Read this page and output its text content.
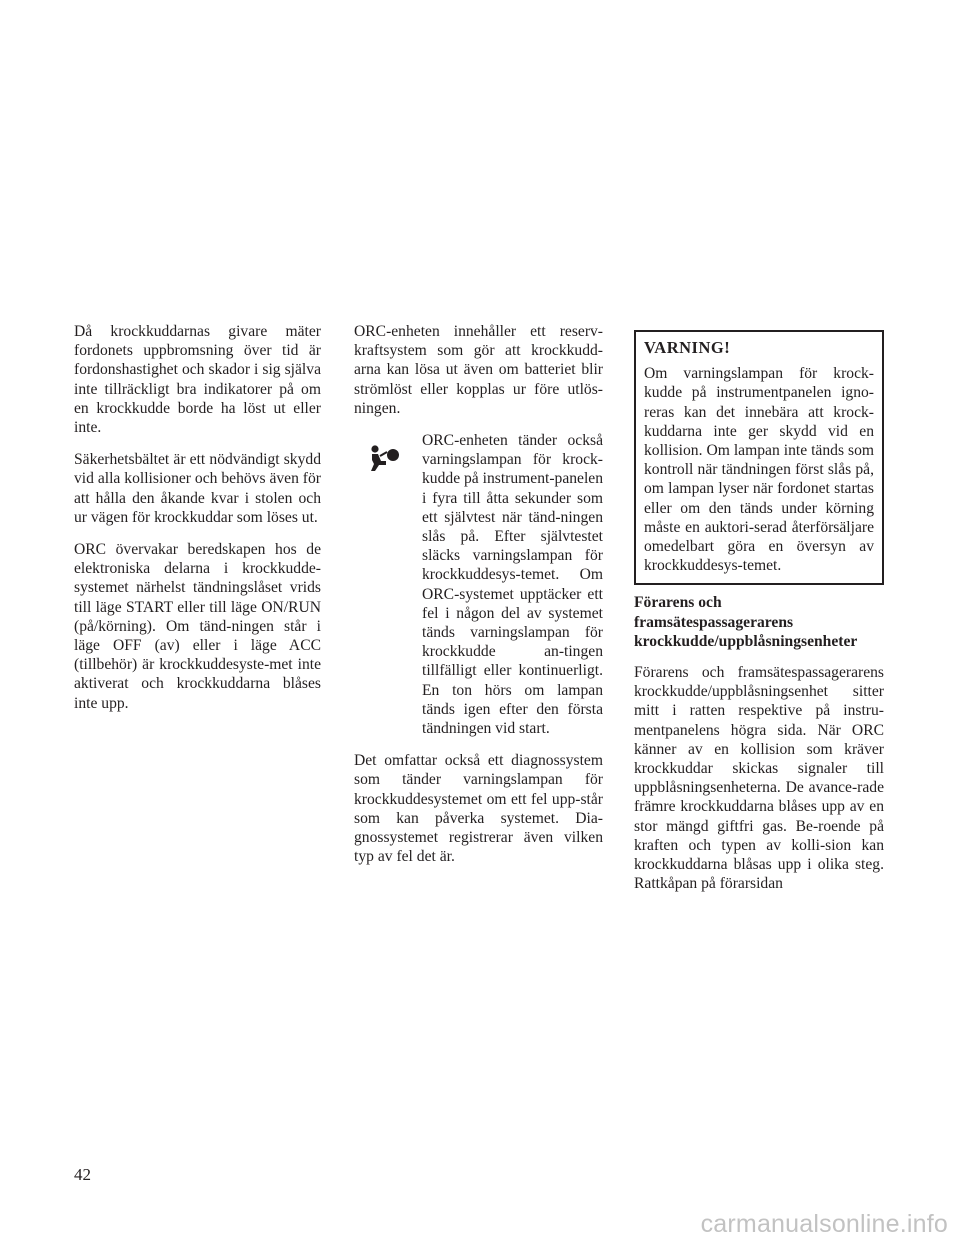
Då krockkuddarnas givare mäter fordonets uppbromsning över tid är fordonshastighet och skador i sig själva inte tillräckligt bra indikatorer på om en krockkudde borde ha löst ut eller inte.

Säkerhetsbältet är ett nödvändigt skydd vid alla kollisioner och behövs även för att hålla den åkande kvar i stolen och ur vägen för krockkuddar som löses ut.

ORC övervakar beredskapen hos de elektroniska delarna i krockkudde-systemet närhelst tändningslåset vrids till läge START eller till läge ON/RUN (på/körning). Om tänd-ningen står i läge OFF (av) eller i läge ACC (tillbehör) är krockkuddesyste-met inte aktiverat och krockkuddarna blåses inte upp.

ORC-enheten innehåller ett reserv-kraftsystem som gör att krockkudd-arna kan lösa ut även om batteriet blir strömlöst eller kopplas ur före utlös-ningen.

ORC-enheten tänder också varningslampan för krock-kudde på instrument-panelen i fyra till åtta sekunder som ett självtest när tänd-ningen slås på. Efter självtestet släcks varningslampan för krockkuddesys-temet. Om ORC-systemet upptäcker ett fel i någon del av systemet tänds varningslampan för krockkudde an-tingen tillfälligt eller kontinuerligt. En ton hörs om lampan tänds igen efter den första tändningen vid start.

Det omfattar också ett diagnossystem som tänder varningslampan för krockkuddesystemet om ett fel upp-står som kan påverka systemet. Dia-gnossystemet registrerar även vilken typ av fel det är.

VARNING!

Om varningslampan för krock-kudde på instrumentpanelen igno-reras kan det innebära att krock-kuddarna inte ger skydd vid en kollision. Om lampan inte tänds som kontroll när tändningen först slås på, om lampan lyser när fordonet startas eller om den tänds under körning måste en auktori-serad återförsäljare omedelbart göra en översyn av krockkuddesys-temet.

Förarens och framsätespassagerarens krockkudde/uppblåsningsenheter

Förarens och framsätespassagerarens krockkudde/uppblåsningsenhet sitter mitt i ratten respektive på instru-mentpanelens högra sida. När ORC känner av en kollision som kräver krockkuddar skickas signaler till uppblåsningsenheterna. De avance-rade främre krockkuddarna blåses upp av en stor mängd giftfri gas. Be-roende på kraften och typen av kolli-sion kan krockkuddarna blåsas upp i olika steg. Rattkåpan på förarsidan

42
carmanualsonline.info
